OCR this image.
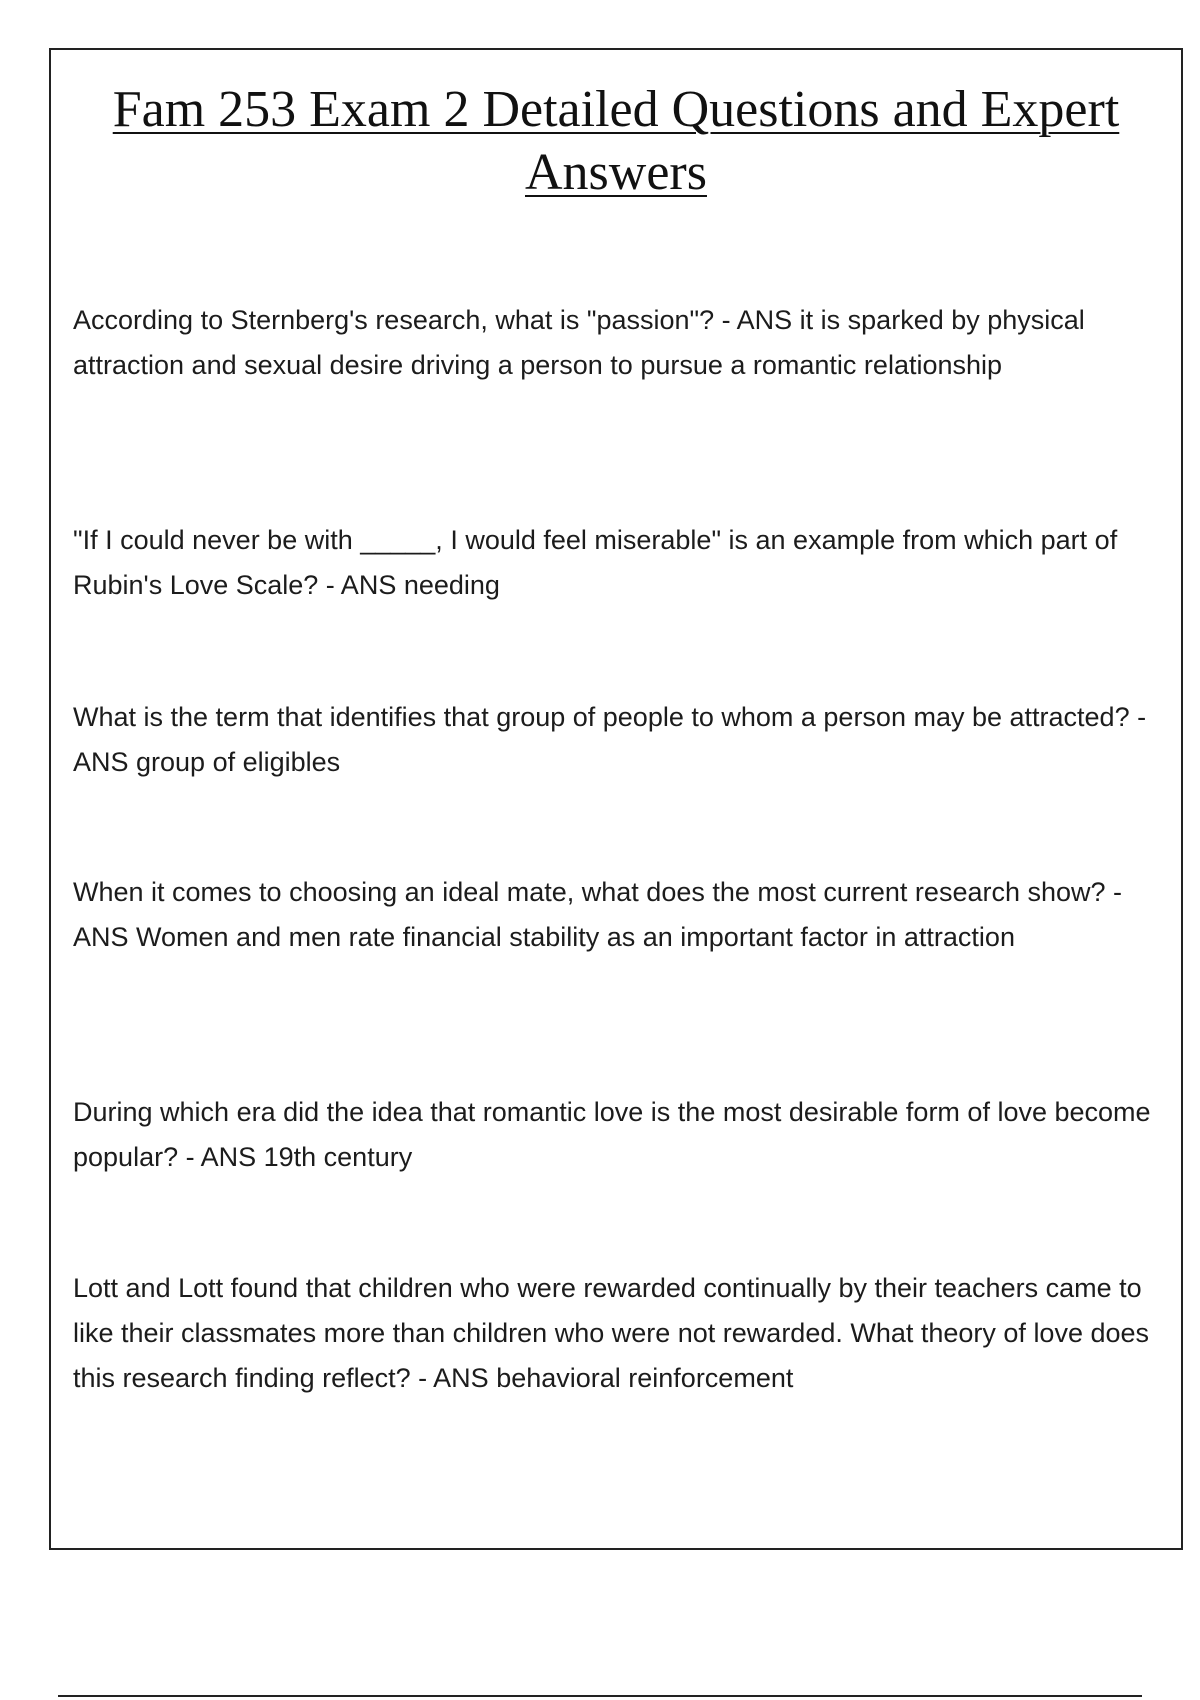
Fam 253 Exam 2 Detailed Questions and Expert Answers

According to Sternberg's research, what is "passion"? - ANS it is sparked by physical attraction and sexual desire driving a person to pursue a romantic relationship

"If I could never be with _____, I would feel miserable" is an example from which part of Rubin's Love Scale? - ANS needing

What is the term that identifies that group of people to whom a person may be attracted? - ANS group of eligibles

When it comes to choosing an ideal mate, what does the most current research show? - ANS Women and men rate financial stability as an important factor in attraction

During which era did the idea that romantic love is the most desirable form of love become popular? - ANS 19th century

Lott and Lott found that children who were rewarded continually by their teachers came to like their classmates more than children who were not rewarded. What theory of love does this research finding reflect? - ANS behavioral reinforcement
